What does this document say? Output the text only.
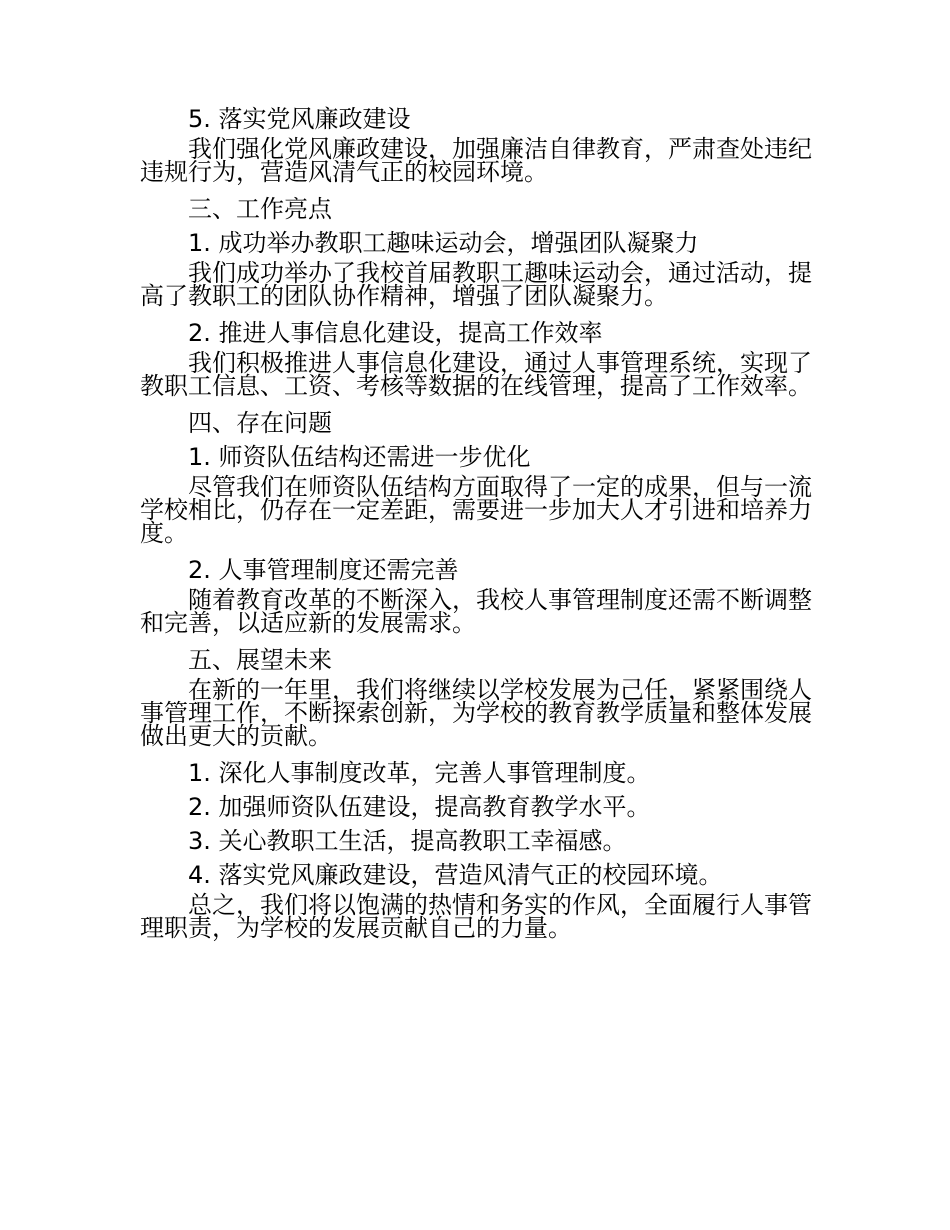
5. 落实党风廉政建设

我们强化党风廉政建设，加强廉洁自律教育，严肃查处违纪违规行为，营造风清气正的校园环境。

三、工作亮点

1. 成功举办教职工趣味运动会，增强团队凝聚力

我们成功举办了我校首届教职工趣味运动会，通过活动，提高了教职工的团队协作精神，增强了团队凝聚力。

2. 推进人事信息化建设，提高工作效率

我们积极推进人事信息化建设，通过人事管理系统，实现了教职工信息、工资、考核等数据的在线管理，提高了工作效率。

四、存在问题

1. 师资队伍结构还需进一步优化

尽管我们在师资队伍结构方面取得了一定的成果，但与一流学校相比，仍存在一定差距，需要进一步加大人才引进和培养力度。

2. 人事管理制度还需完善

随着教育改革的不断深入，我校人事管理制度还需不断调整和完善，以适应新的发展需求。

五、展望未来

在新的一年里，我们将继续以学校发展为己任，紧紧围绕人事管理工作，不断探索创新，为学校的教育教学质量和整体发展做出更大的贡献。

1. 深化人事制度改革，完善人事管理制度。

2. 加强师资队伍建设，提高教育教学水平。

3. 关心教职工生活，提高教职工幸福感。

4. 落实党风廉政建设，营造风清气正的校园环境。

总之，我们将以饱满的热情和务实的作风，全面履行人事管理职责，为学校的发展贡献自己的力量。
